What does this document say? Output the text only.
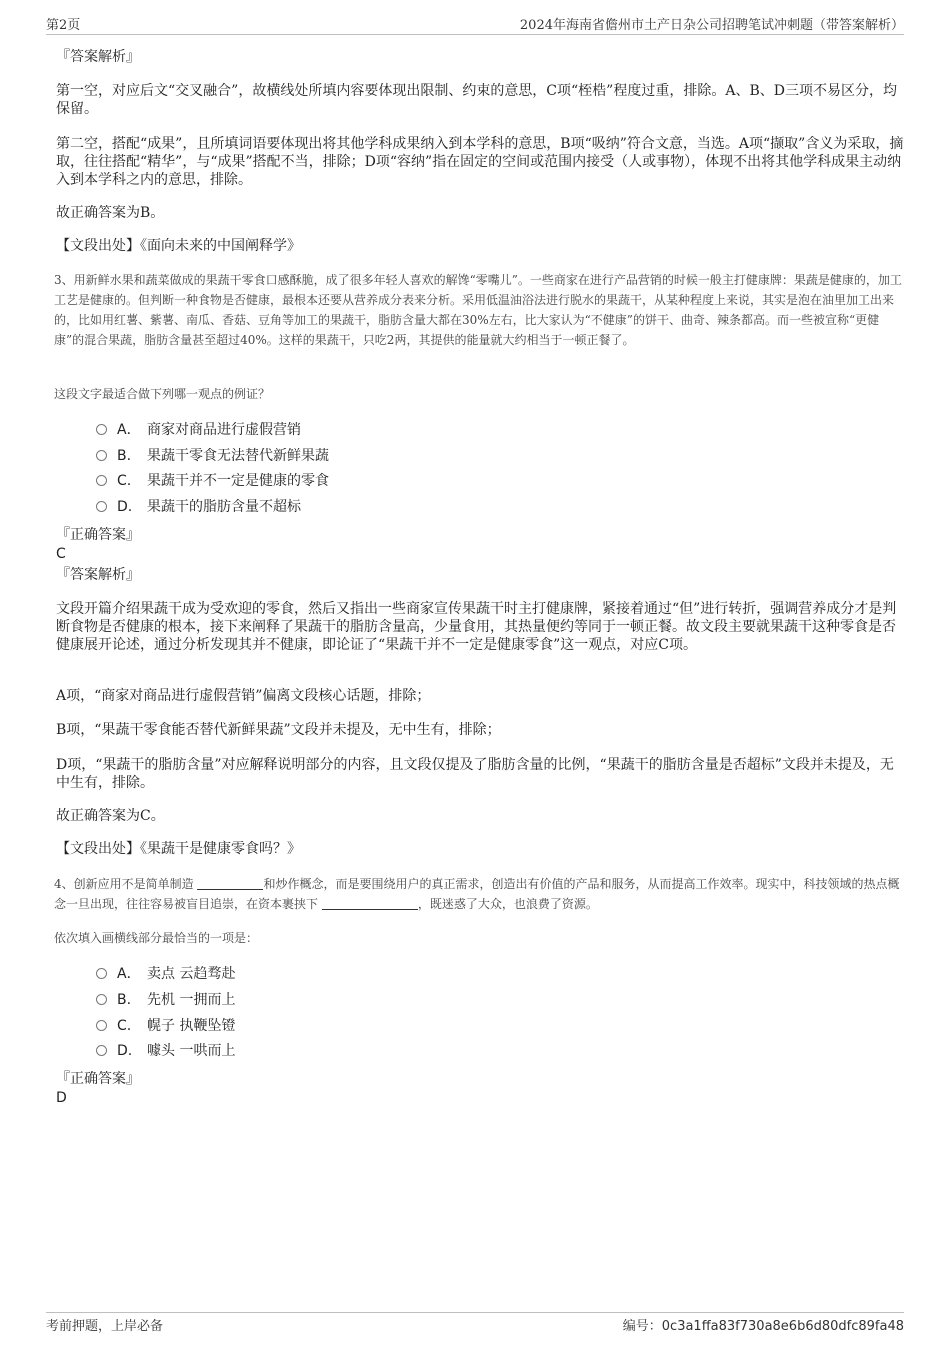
第2页	2024年海南省儋州市土产日杂公司招聘笔试冲刺题（带答案解析）
『答案解析』
第一空，对应后文“交叉融合”，故横线处所填内容要体现出限制、约束的意思，C项“桎梏”程度过重，排除。A、B、D三项不易区分，均保留。
第二空，搭配“成果”，且所填词语要体现出将其他学科成果纳入到本学科的意思，B项“吸纳”符合文意，当选。A项“撷取”含义为采取，摘取，往往搭配“精华”，与“成果”搭配不当，排除；D项“容纳”指在固定的空间或范围内接受（人或事物），体现不出将其他学科成果主动纳入到本学科之内的意思，排除。
故正确答案为B。
【文段出处】《面向未来的中国阐释学》
3、用新鲜水果和蔬菜做成的果蔬干零食口感酥脆，成了很多年轻人喜欢的解馋“零嘴儿”。一些商家在进行产品营销的时候一般主打健康牌：果蔬是健康的，加工工艺是健康的。但判断一种食物是否健康，最根本还要从营养成分表来分析。采用低温油浴法进行脱水的果蔬干，从某种程度上来说，其实是泡在油里加工出来的，比如用红薯、紫薯、南瓜、香菇、豆角等加工的果蔬干，脂肪含量大都在30%左右，比大家认为“不健康”的饼干、曲奇、辣条都高。而一些被宣称“更健康”的混合果蔬，脂肪含量甚至超过40%。这样的果蔬干，只吃2两，其提供的能量就大约相当于一顿正餐了。
这段文字最适合做下列哪一观点的例证？
A． 商家对商品进行虚假营销
B. 果蔬干零食无法替代新鲜果蔬
C. 果蔬干并不一定是健康的零食
D. 果蔬干的脂肪含量不超标
『正确答案』
C
『答案解析』
文段开篇介绍果蔬干成为受欢迎的零食，然后又指出一些商家宣传果蔬干时主打健康牌，紧接着通过“但”进行转折，强调营养成分才是判断食物是否健康的根本，接下来阐释了果蔬干的脂肪含量高，少量食用，其热量便约等同于一顿正餐。故文段主要就果蔬干这种零食是否健康展开论述，通过分析发现其并不健康，即论证了“果蔬干并不一定是健康零食”这一观点，对应C项。
A项，“商家对商品进行虚假营销”偏离文段核心话题，排除；
B项，“果蔬干零食能否替代新鲜果蔬”文段并未提及，无中生有，排除；
D项，“果蔬干的脂肪含量”对应解释说明部分的内容，且文段仅提及了脂肪含量的比例，“果蔬干的脂肪含量是否超标”文段并未提及，无中生有，排除。
故正确答案为C。
【文段出处】《果蔬干是健康零食吗？》
4、创新应用不是简单制造	和炒作概念，而是要围绕用户的真正需求，创造出有价值的产品和服务，从而提高工作效率。现实中，科技领域的热点概念一旦出现，往往容易被盲目追崇，在资本裹挟下	，既迷惑了大众，也浪费了资源。
依次填入画横线部分最恰当的一项是：
A． 卖点 云趋骛赴
B. 先机 一拥而上
C. 幌子 执鞭坠镫
D. 噱头 一哄而上
『正确答案』
D
考前押题，上岸必备	编号：0c3a1ffa83f730a8e6b6d80dfc89fa48
